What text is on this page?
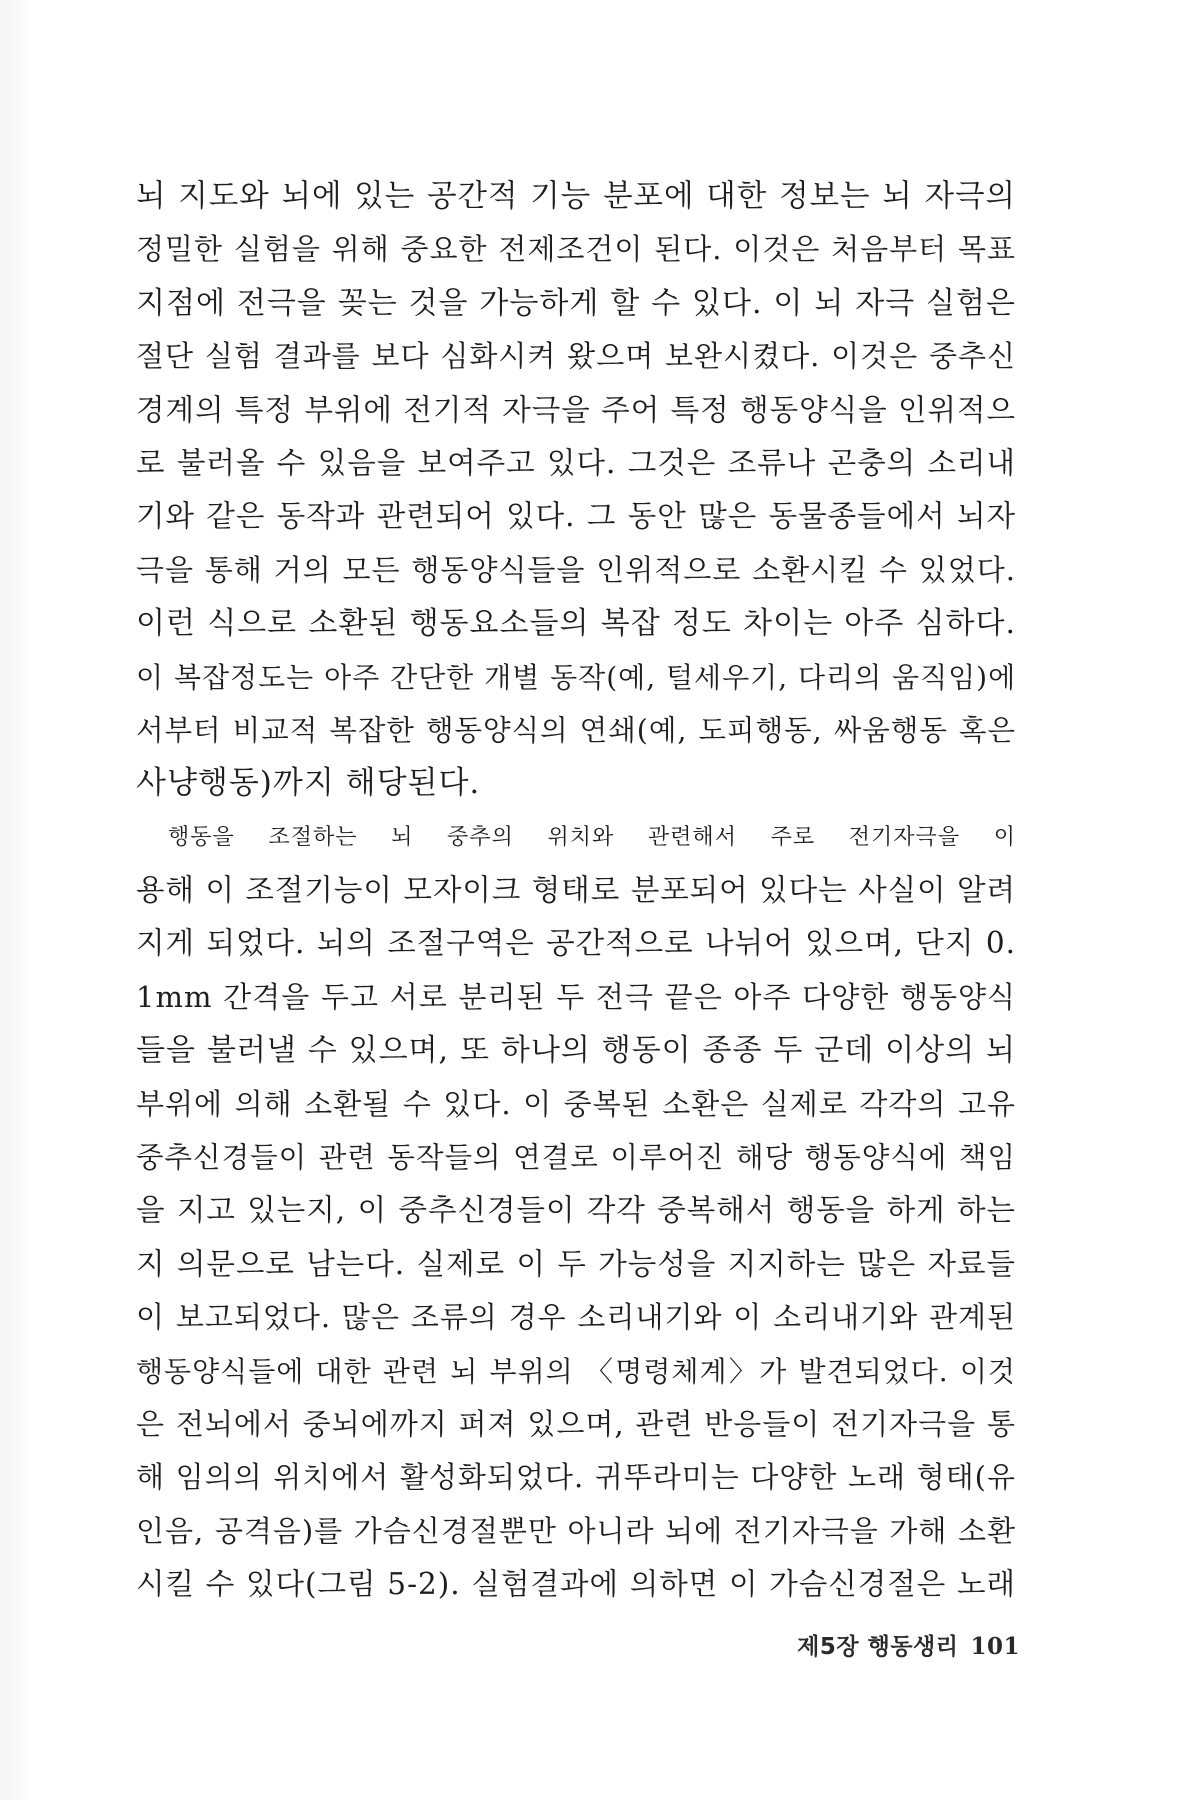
뇌 지도와 뇌에 있는 공간적 기능 분포에 대한 정보는 뇌 자극의
정밀한 실험을 위해 중요한 전제조건이 된다. 이것은 처음부터 목표
지점에 전극을 꽂는 것을 가능하게 할 수 있다. 이 뇌 자극 실험은
절단 실험 결과를 보다 심화시켜 왔으며 보완시켰다. 이것은 중추신
경계의 특정 부위에 전기적 자극을 주어 특정 행동양식을 인위적으
로 불러올 수 있음을 보여주고 있다. 그것은 조류나 곤충의 소리내
기와 같은 동작과 관련되어 있다. 그 동안 많은 동물종들에서 뇌자
극을 통해 거의 모든 행동양식들을 인위적으로 소환시킬 수 있었다.
이런 식으로 소환된 행동요소들의 복잡 정도 차이는 아주 심하다.
이 복잡정도는 아주 간단한 개별 동작(예, 털세우기, 다리의 움직임)에
서부터 비교적 복잡한 행동양식의 연쇄(예, 도피행동, 싸움행동 혹은
사냥행동)까지 해당된다.
행동을 조절하는 뇌 중추의 위치와 관련해서 주로 전기자극을 이
용해 이 조절기능이 모자이크 형태로 분포되어 있다는 사실이 알려
지게 되었다. 뇌의 조절구역은 공간적으로 나뉘어 있으며, 단지 0.
1mm 간격을 두고 서로 분리된 두 전극 끝은 아주 다양한 행동양식
들을 불러낼 수 있으며, 또 하나의 행동이 종종 두 군데 이상의 뇌
부위에 의해 소환될 수 있다. 이 중복된 소환은 실제로 각각의 고유
중추신경들이 관련 동작들의 연결로 이루어진 해당 행동양식에 책임
을 지고 있는지, 이 중추신경들이 각각 중복해서 행동을 하게 하는
지 의문으로 남는다. 실제로 이 두 가능성을 지지하는 많은 자료들
이 보고되었다. 많은 조류의 경우 소리내기와 이 소리내기와 관계된
행동양식들에 대한 관련 뇌 부위의 〈명령체계〉가 발견되었다. 이것
은 전뇌에서 중뇌에까지 퍼져 있으며, 관련 반응들이 전기자극을 통
해 임의의 위치에서 활성화되었다. 귀뚜라미는 다양한 노래 형태(유
인음, 공격음)를 가슴신경절뿐만 아니라 뇌에 전기자극을 가해 소환
시킬 수 있다(그림 5-2). 실험결과에 의하면 이 가슴신경절은 노래
제5장 행동생리 101
